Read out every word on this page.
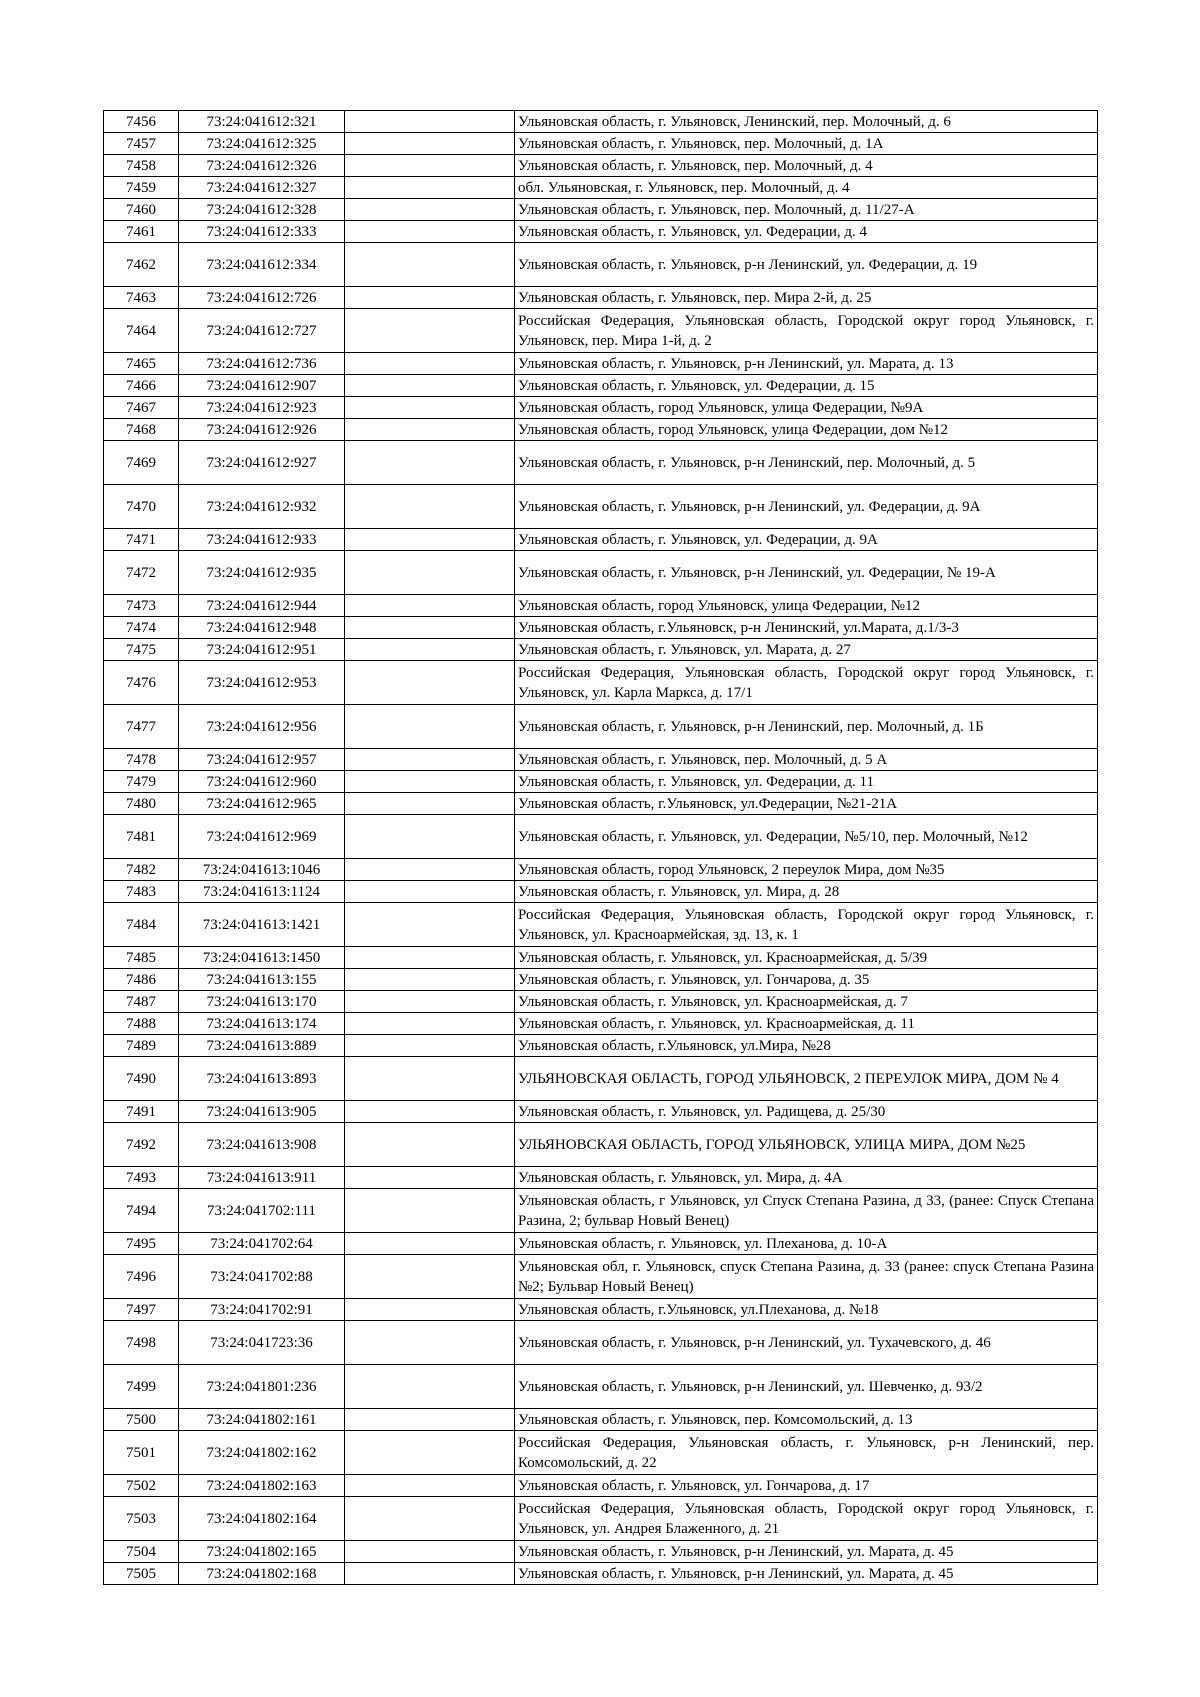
7456	73:24:041612:321		Ульяновская область, г. Ульяновск, Ленинский, пер. Молочный, д. 6
7457	73:24:041612:325		Ульяновская область, г. Ульяновск, пер. Молочный, д. 1А
7458	73:24:041612:326		Ульяновская область, г. Ульяновск, пер. Молочный, д. 4
7459	73:24:041612:327		обл. Ульяновская, г. Ульяновск, пер. Молочный, д. 4
7460	73:24:041612:328		Ульяновская область, г. Ульяновск, пер. Молочный, д. 11/27-А
7461	73:24:041612:333		Ульяновская область, г. Ульяновск, ул. Федерации, д. 4
7462	73:24:041612:334		Ульяновская область, г. Ульяновск, р-н Ленинский, ул. Федерации, д. 19
7463	73:24:041612:726		Ульяновская область, г. Ульяновск, пер. Мира 2-й, д. 25
7464	73:24:041612:727		Российская Федерация, Ульяновская область, Городской округ город Ульяновск, г. Ульяновск, пер. Мира 1-й, д. 2
7465	73:24:041612:736		Ульяновская область, г. Ульяновск, р-н Ленинский, ул. Марата, д. 13
7466	73:24:041612:907		Ульяновская область, г. Ульяновск, ул. Федерации, д. 15
7467	73:24:041612:923		Ульяновская область, город Ульяновск, улица Федерации, №9А
7468	73:24:041612:926		Ульяновская область, город Ульяновск, улица Федерации, дом №12
7469	73:24:041612:927		Ульяновская область, г. Ульяновск, р-н Ленинский, пер. Молочный, д. 5
7470	73:24:041612:932		Ульяновская область, г. Ульяновск, р-н Ленинский, ул. Федерации, д. 9А
7471	73:24:041612:933		Ульяновская область, г. Ульяновск, ул. Федерации, д. 9А
7472	73:24:041612:935		Ульяновская область, г. Ульяновск, р-н Ленинский, ул. Федерации, № 19-А
7473	73:24:041612:944		Ульяновская область, город Ульяновск, улица Федерации, №12
7474	73:24:041612:948		Ульяновская область, г.Ульяновск, р-н Ленинский, ул.Марата, д.1/3-3
7475	73:24:041612:951		Ульяновская область, г. Ульяновск, ул. Марата, д. 27
7476	73:24:041612:953		Российская Федерация, Ульяновская область, Городской округ город Ульяновск, г. Ульяновск, ул. Карла Маркса, д. 17/1
7477	73:24:041612:956		Ульяновская область, г. Ульяновск, р-н Ленинский, пер. Молочный, д. 1Б
7478	73:24:041612:957		Ульяновская область, г. Ульяновск, пер. Молочный, д. 5 А
7479	73:24:041612:960		Ульяновская область, г. Ульяновск, ул. Федерации, д. 11
7480	73:24:041612:965		Ульяновская область, г.Ульяновск, ул.Федерации, №21-21А
7481	73:24:041612:969		Ульяновская область, г. Ульяновск, ул. Федерации, №5/10, пер. Молочный, №12
7482	73:24:041613:1046		Ульяновская область, город Ульяновск, 2 переулок Мира, дом №35
7483	73:24:041613:1124		Ульяновская область, г. Ульяновск, ул. Мира, д. 28
7484	73:24:041613:1421		Российская Федерация, Ульяновская область, Городской округ город Ульяновск, г. Ульяновск, ул. Красноармейская, зд. 13, к. 1
7485	73:24:041613:1450		Ульяновская область, г. Ульяновск, ул. Красноармейская, д. 5/39
7486	73:24:041613:155		Ульяновская область, г. Ульяновск, ул. Гончарова, д. 35
7487	73:24:041613:170		Ульяновская область, г. Ульяновск, ул. Красноармейская, д. 7
7488	73:24:041613:174		Ульяновская область, г. Ульяновск, ул. Красноармейская, д. 11
7489	73:24:041613:889		Ульяновская область, г.Ульяновск, ул.Мира, №28
7490	73:24:041613:893		УЛЬЯНОВСКАЯ ОБЛАСТЬ, ГОРОД УЛЬЯНОВСК, 2 ПЕРЕУЛОК МИРА, ДОМ № 4
7491	73:24:041613:905		Ульяновская область, г. Ульяновск, ул. Радищева, д. 25/30
7492	73:24:041613:908		УЛЬЯНОВСКАЯ ОБЛАСТЬ, ГОРОД УЛЬЯНОВСК, УЛИЦА МИРА, ДОМ №25
7493	73:24:041613:911		Ульяновская область, г. Ульяновск, ул. Мира, д. 4А
7494	73:24:041702:111		Ульяновская область, г Ульяновск, ул Спуск Степана Разина, д 33, (ранее: Спуск Степана Разина, 2; бульвар Новый Венец)
7495	73:24:041702:64		Ульяновская область, г. Ульяновск, ул. Плеханова, д. 10-А
7496	73:24:041702:88		Ульяновская обл, г. Ульяновск, спуск Степана Разина, д. 33 (ранее: спуск Степана Разина №2; Бульвар Новый Венец)
7497	73:24:041702:91		Ульяновская область, г.Ульяновск, ул.Плеханова, д. №18
7498	73:24:041723:36		Ульяновская область, г. Ульяновск, р-н Ленинский, ул. Тухачевского, д. 46
7499	73:24:041801:236		Ульяновская область, г. Ульяновск, р-н Ленинский, ул. Шевченко, д. 93/2
7500	73:24:041802:161		Ульяновская область, г. Ульяновск, пер. Комсомольский, д. 13
7501	73:24:041802:162		Российская Федерация, Ульяновская область, г. Ульяновск, р-н Ленинский, пер. Комсомольский, д. 22
7502	73:24:041802:163		Ульяновская область, г. Ульяновск, ул. Гончарова, д. 17
7503	73:24:041802:164		Российская Федерация, Ульяновская область, Городской округ город Ульяновск, г. Ульяновск, ул. Андрея Блаженного, д. 21
7504	73:24:041802:165		Ульяновская область, г. Ульяновск, р-н Ленинский, ул. Марата, д. 45
7505	73:24:041802:168		Ульяновская область, г. Ульяновск, р-н Ленинский, ул. Марата, д. 45
